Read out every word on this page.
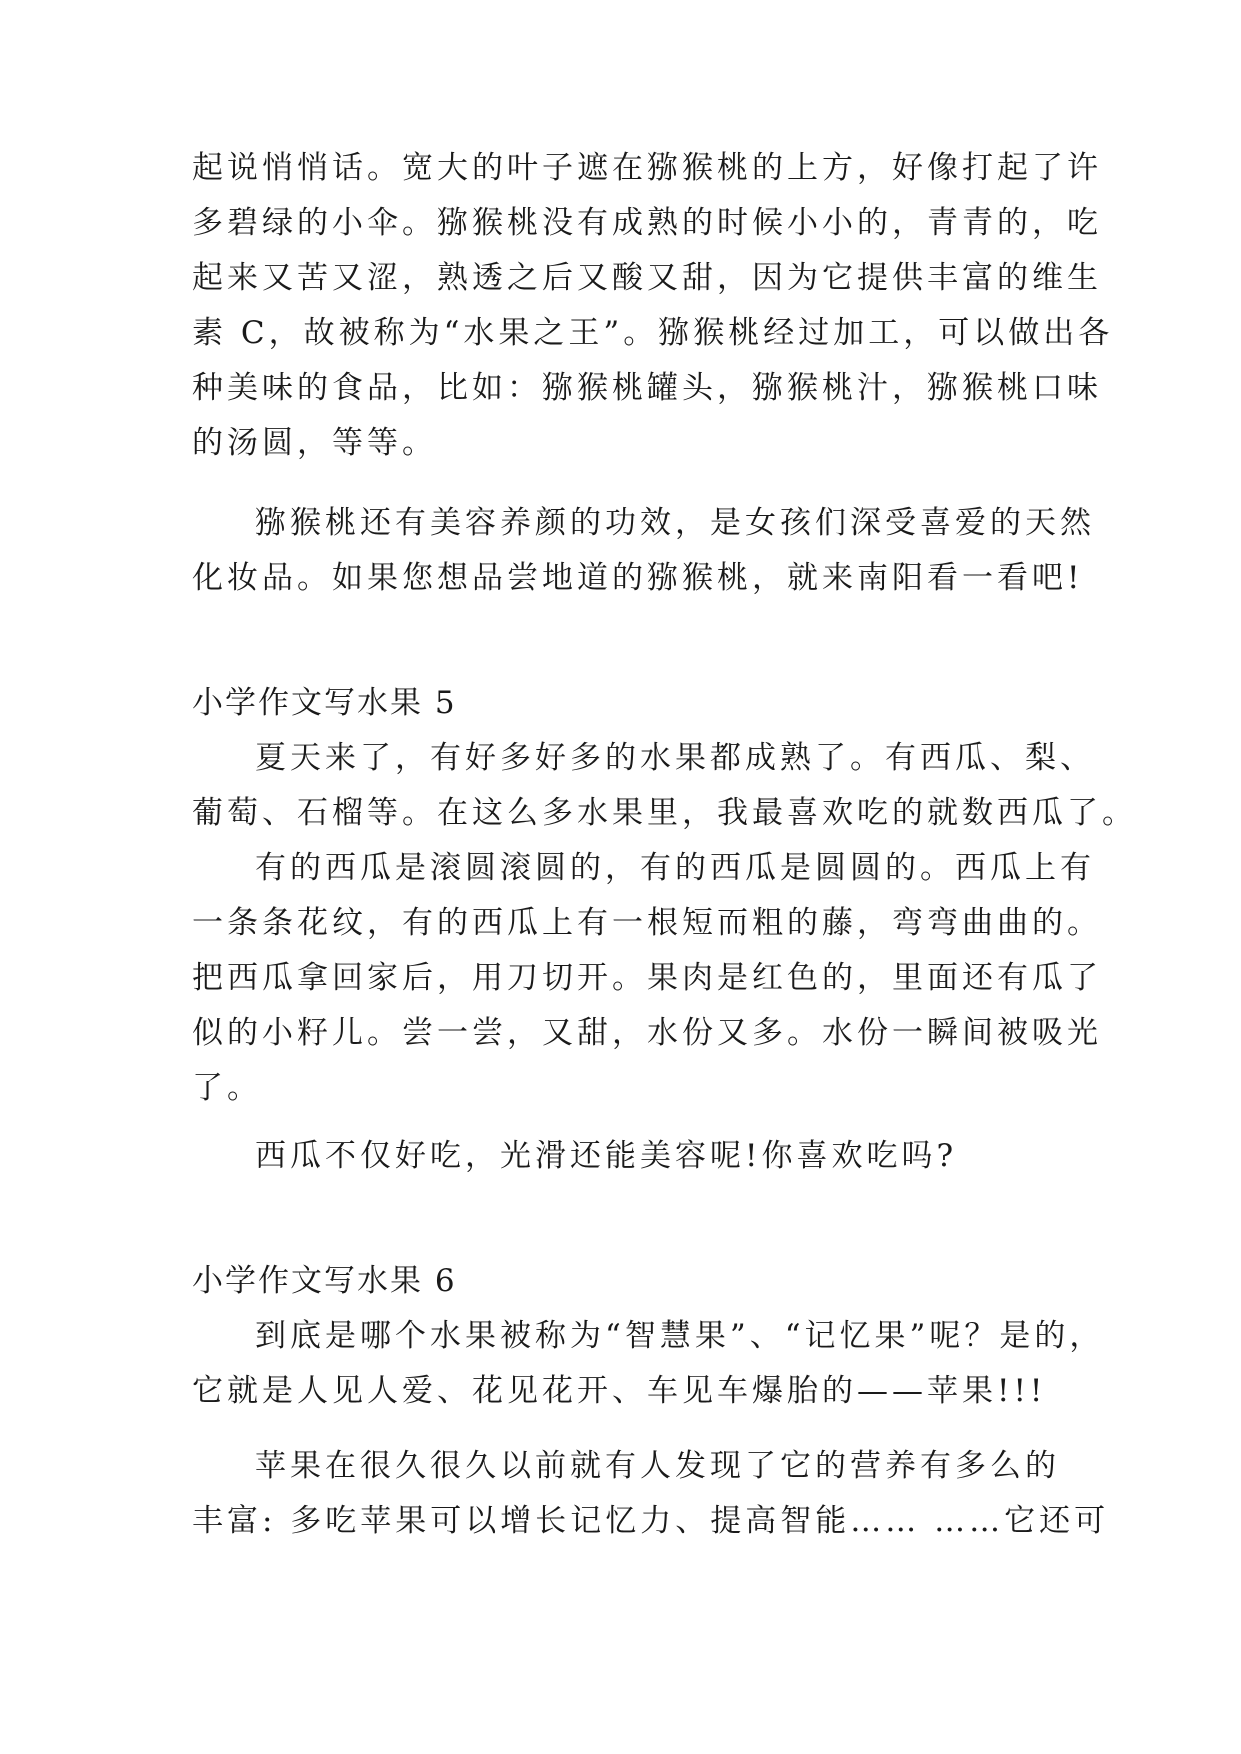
起说悄悄话。宽大的叶子遮在猕猴桃的上方，好像打起了许
多碧绿的小伞。猕猴桃没有成熟的时候小小的，青青的，吃
起来又苦又涩，熟透之后又酸又甜，因为它提供丰富的维生
素 C，故被称为“水果之王”。猕猴桃经过加工，可以做出各
种美味的食品，比如：猕猴桃罐头，猕猴桃汁，猕猴桃口味
的汤圆，等等。
猕猴桃还有美容养颜的功效，是女孩们深受喜爱的天然
化妆品。如果您想品尝地道的猕猴桃，就来南阳看一看吧!
小学作文写水果 5
夏天来了，有好多好多的水果都成熟了。有西瓜、梨、
葡萄、石榴等。在这么多水果里，我最喜欢吃的就数西瓜了。
有的西瓜是滚圆滚圆的，有的西瓜是圆圆的。西瓜上有
一条条花纹，有的西瓜上有一根短而粗的藤，弯弯曲曲的。
把西瓜拿回家后，用刀切开。果肉是红色的，里面还有瓜了
似的小籽儿。尝一尝，又甜，水份又多。水份一瞬间被吸光
了。
西瓜不仅好吃，光滑还能美容呢!你喜欢吃吗?
小学作文写水果 6
到底是哪个水果被称为“智慧果”、“记忆果”呢？是的，
它就是人见人爱、花见花开、车见车爆胎的——苹果!!!
苹果在很久很久以前就有人发现了它的营养有多么的
丰富: 多吃苹果可以增长记忆力、提高智能…… ……它还可
